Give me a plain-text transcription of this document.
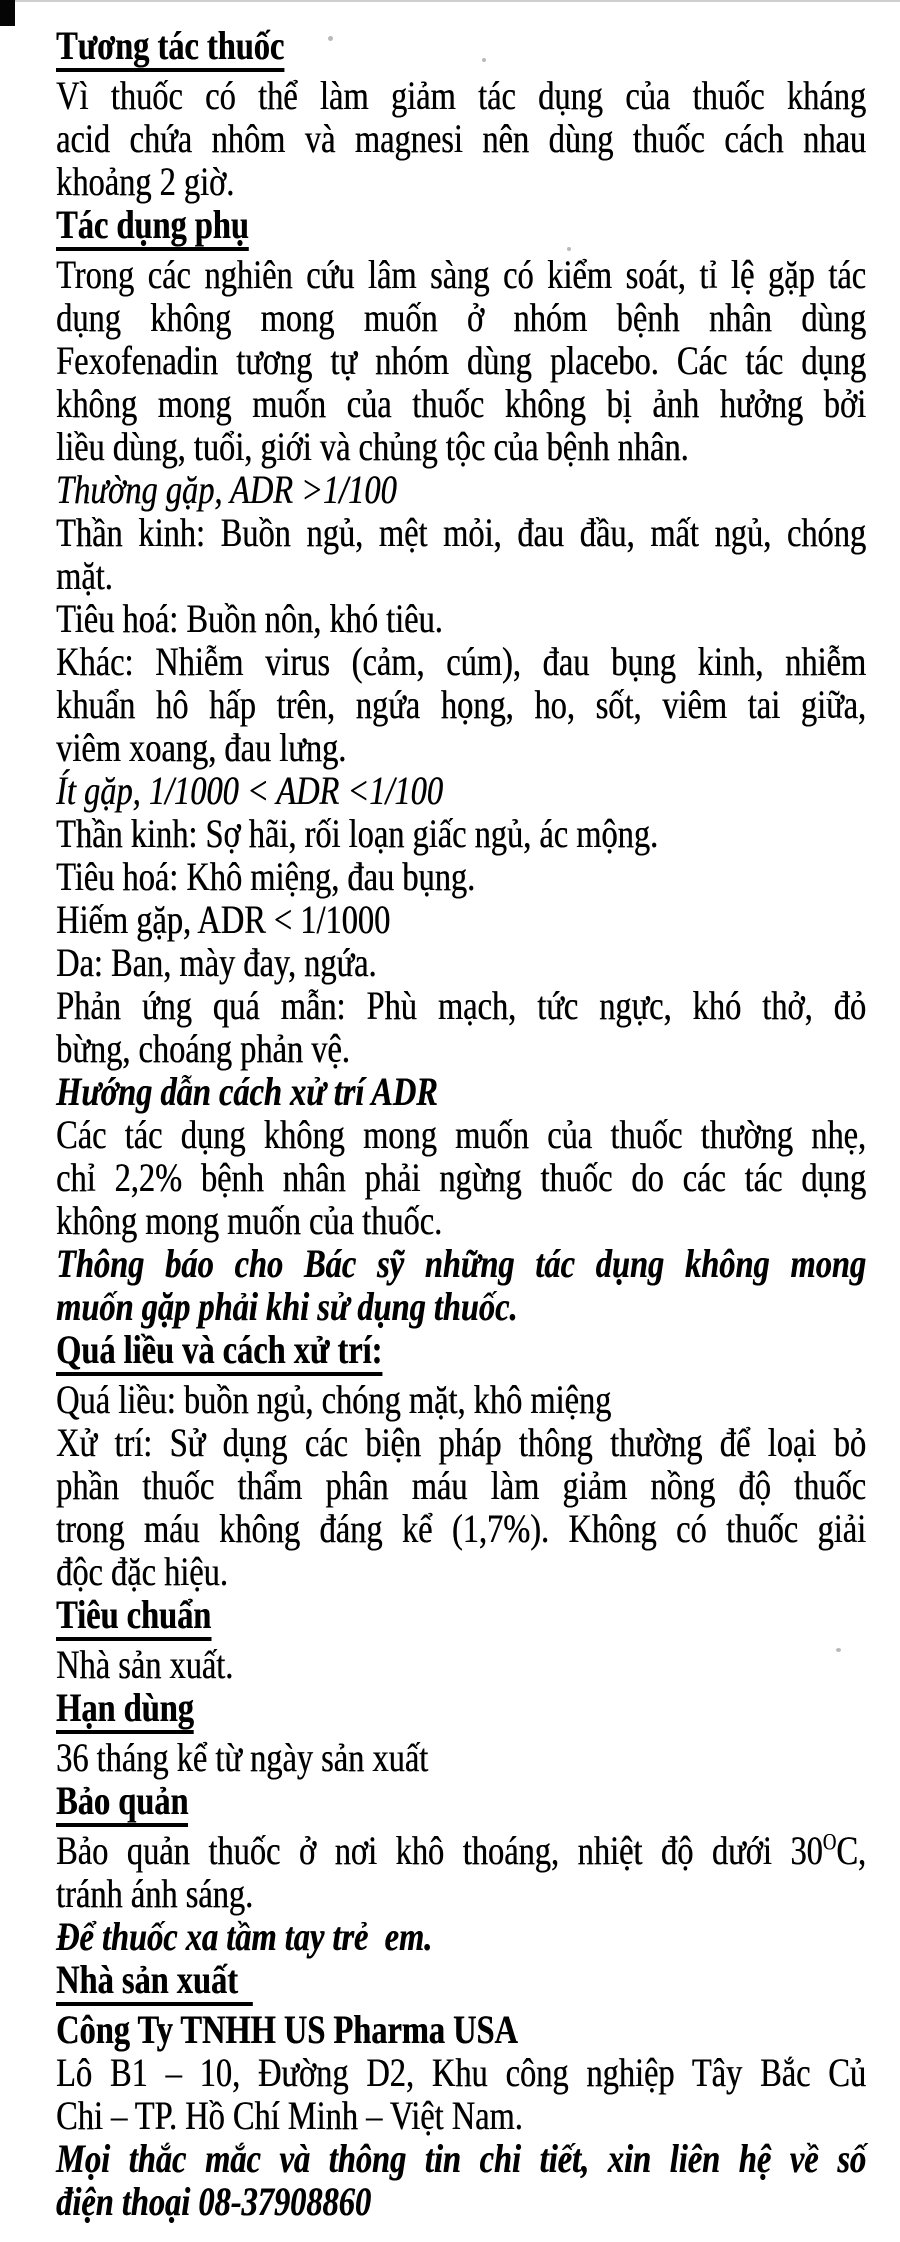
Tương tác thuốc
Vì thuốc có thể làm giảm tác dụng của thuốc kháng
acid chứa nhôm và magnesi nên dùng thuốc cách nhau
khoảng 2 giờ.
Tác dụng phụ
Trong các nghiên cứu lâm sàng có kiểm soát, tỉ lệ gặp tác
dụng không mong muốn ở nhóm bệnh nhân dùng
Fexofenadin tương tự nhóm dùng placebo. Các tác dụng
không mong muốn của thuốc không bị ảnh hưởng bởi
liều dùng, tuổi, giới và chủng tộc của bệnh nhân.
Thường gặp, ADR >1/100
Thần kinh: Buồn ngủ, mệt mỏi, đau đầu, mất ngủ, chóng
mặt.
Tiêu hoá: Buồn nôn, khó tiêu.
Khác: Nhiễm virus (cảm, cúm), đau bụng kinh, nhiễm
khuẩn hô hấp trên, ngứa họng, ho, sốt, viêm tai giữa,
viêm xoang, đau lưng.
Ít gặp, 1/1000 < ADR <1/100
Thần kinh: Sợ hãi, rối loạn giấc ngủ, ác mộng.
Tiêu hoá: Khô miệng, đau bụng.
Hiếm gặp, ADR < 1/1000
Da: Ban, mày đay, ngứa.
Phản ứng quá mẫn: Phù mạch, tức ngực, khó thở, đỏ
bừng, choáng phản vệ.
Hướng dẫn cách xử trí ADR
Các tác dụng không mong muốn của thuốc thường nhẹ,
chỉ 2,2% bệnh nhân phải ngừng thuốc do các tác dụng
không mong muốn của thuốc.
Thông báo cho Bác sỹ những tác dụng không mong
muốn gặp phải khi sử dụng thuốc.
Quá liều và cách xử trí:
Quá liều: buồn ngủ, chóng mặt, khô miệng
Xử trí: Sử dụng các biện pháp thông thường để loại bỏ
phần thuốc thẩm phân máu làm giảm nồng độ thuốc
trong máu không đáng kể (1,7%). Không có thuốc giải
độc đặc hiệu.
Tiêu chuẩn
Nhà sản xuất.
Hạn dùng
36 tháng kể từ ngày sản xuất
Bảo quản
Bảo quản thuốc ở nơi khô thoáng, nhiệt độ dưới $30^OC$,
tránh ánh sáng.
Để thuốc xa tầm tay trẻ  em.
Nhà sản xuất
Công Ty TNHH US Pharma USA
Lô B1 – 10, Đường D2, Khu công nghiệp Tây Bắc Củ
Chi – TP. Hồ Chí Minh – Việt Nam.
Mọi thắc mắc và thông tin chi tiết, xin liên hệ về số
điện thoại 08-37908860
